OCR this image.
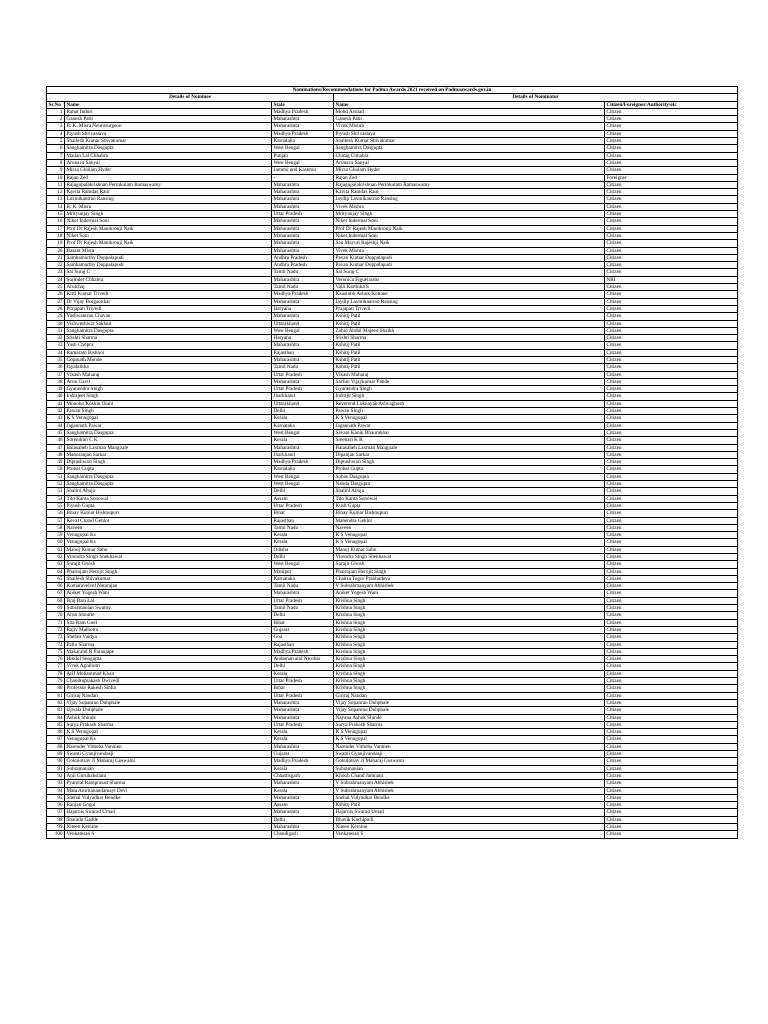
Nominations/Recommendations for Padma Awards 2021 received on Padmaawards.gov.in				
Details of Nominee			Details of Nominator	
Sr.No	Name	State	Name	Citizen/Foreigner/Authority/etc
1	Rahat Indori	Madhya Pradesh	Mohd Arshad	Citizen
2	Ganesh Patil	Maharashtra	Ganesh Patil	Citizen
3	B. K. Misra Neurosurgeon	Maharashtra	Vivek Mishra	Citizen
4	Piyush Shrivastava	Madhya Pradesh	Piyush Shrivastava	Citizen
5	Shailesh Kumar Shivakumar	Karnataka	Shailesh Kumar Shivakumar	Citizen
6	Sanghamitra Dasgupta	West Bengal	Sanghamitra Dasgupta	Citizen
7	Madan Lal Chhabra	Punjab	Chirag Chhabra	Citizen
8	Arunava Sanyal	West Bengal	Arunava Sanyal	Citizen
9	Mirza Ghulam Hyder	Jammu and Kashmir	Mirza Ghulam Hyder	Citizen
10	Rajan Zed	-	Rajan Zed	Foreigner
11	Rajagopalakrishnan Perinkulam Ramaswamy	Maharashtra	Rajagopalakrishnan Perinkulam Ramaswamy	Citizen
12	Kavita Ramdas Raut	Maharashtra	Kavita Ramdas Raut	Citizen
13	Laxmikantrao Ransing	Maharashtra	Jaydip Laxmikantrao Ransing	Citizen
14	B. K. Misra	Maharashtra	Vivek Mishra	Citizen
15	Mrityunjay Singh	Uttar Pradesh	Mrityunjay Singh	Citizen
16	Niket Indermal Soni	Maharashtra	Niket Indermal Soni	Citizen
17	Prof Dr Rajesh Manikrouji Naik	Maharashtra	Prof Dr Rajesh Manikrouji Naik	Citizen
18	Niket Soni	Maharashtra	Niket Indermal Soni	Citizen
19	Prof Dr Rajesh Manikrouji Naik	Maharashtra	Sau Mayuri Rajeshji Naik	Citizen
20	Basant Misra	Maharashtra	Vivek Mishra	Citizen
21	Sambamurthy Doppalapudi	Andhra Pradesh	Pavan Kumar Doppalapudi	Citizen
22	Sambamurthy Doppalapudi	Andhra Pradesh	Pavan Kumar Doppalapudi	Citizen
23	Sai Suraj C	Tamil Nadu	Sai Suraj C	Citizen
24	Surinder Chhabra	Maharashtra	Veronica Figueiraido	NRI
25	Arulchaj	Tamil Nadu	Valli Karthika S	Citizen
26	Kirti Kumar Trivedi	Madhya Pradesh	Kaustubh Ashok Kottane	Citizen
27	Dr Vijay Borgaonkar	Maharashtra	Jaydip Laxmikantrao Ransing	Citizen
28	Prajapati Trivedi	Haryana	Prajapati Trivedi	Citizen
29	Yashwantrao Chavan	Maharashtra	Kshitij Patil	Citizen
30	Vishweshwar Saklani	Uttarakhand	Kshitij Patil	Citizen
31	Sanghamitra Dasgupta	West Bengal	Zahid Abdul Majeed Shaikh	Citizen
32	Srishti Sharma	Haryana	Srishti Sharma	Citizen
33	Yash Chopra	Maharashtra	Kshitij Patil	Citizen
34	Ramaram Bishnoi	Rajasthan	Kshitij Patil	Citizen
35	Gopinath Munde	Maharashtra	Kshitij Patil	Citizen
36	Jayalalitha	Tamil Nadu	Kshitij Patil	Citizen
37	Vikash Maharaj	Uttar Pradesh	Vikash Maharaj	Citizen
38	Arun Gavil	Maharashtra	Sachin Vijaykumar Pande	Citizen
39	Gyanendra Singh	Uttar Pradesh	Gyanendra Singh	Citizen
40	Indrajeet Singh	Jharkhand	Indrajit Singh	Citizen
41	Monoho Koshin Otani	Uttarakhand	Reverend Loknayak Ashvaghosh	Citizen
42	Pawan Singh	Delhi	Pawan Singh	Citizen
43	K S Venugopal	Kerala	K S Venugopal	Citizen
44	Jagannath Pawar	Karnataka	Jagannath Pawar	Citizen
45	Sanghamitra Dasgupta	West Bengal	Savani Kanik Bhaurahhai	Citizen
46	Surendran C K	Kerala	Sreehari K R	Citizen
47	Balasaheb Laxman Mangoale	Maharashtra	Balasaheb Laxman Mangoale	Citizen
48	Manoranjan Sarkar	Jharkhand	Dipanjan Sarkar	Citizen
49	Diptashwari Singh	Madhya Pradesh	Diptashwari Singh	Citizen
50	Probal Gupta	Karnataka	Probal Gupta	Citizen
51	Sanghamitra Dasgupta	West Bengal	Suhas Dasgupta	Citizen
52	Sanghamitra Dasgupta	West Bengal	Nanda Dasgupta	Citizen
53	Shalini Ahuja	Delhi	Shalini Ahuja	Citizen
54	Tilo Kanta Sonowal	Assam	Tilo Kanta Sonowal	Citizen
55	Piyush Gupta	Uttar Pradesh	Kush Gupta	Citizen
56	Binay Kumar Bishnupuri	Bihar	Binay Kumar Bishnupuri	Citizen
57	Keval Chand Gehlot	Rajasthan	Mahendra Gehlot	Citizen
58	Naveen	Tamil Nadu	Naveen	Citizen
59	Venugopal Ks	Kerala	K S Venugopal	Citizen
60	Venugopal Ks	Kerala	K S Venugopal	Citizen
61	Manoj Kumar Sahu	Odisha	Manoj Kumar Sahu	Citizen
62	Virendra Singh Shekhawat	Delhi	Virendra Singh Shekhawat	Citizen
63	Surajit Ghosh	West Bengal	Surajit Ghosh	Citizen
64	Phairojam Herojit Singh	Manipur	Phairojam Herojit Singh	Citizen
65	Shailesh Shivakumar	Karnataka	Chaitra Togur Prabhudeva	Citizen
66	Kumaravelvel Natarajan	Tamil Nadu	V Subrahmanyam Abhishek	Citizen
67	Aniket Yogesh Wani	Maharashtra	Aniket Yogesh Wani	Citizen
68	Braj Basi Lal	Uttar Pradesh	Krishna Singh	Citizen
69	Subramanian Swamy	Tamil Nadu	Krishna Singh	Citizen
70	Arun Shourie	Delhi	Krishna Singh	Citizen
71	Sita Ram Goel	Bihar	Krishna Singh	Citizen
72	Rajiv Malhotra	Gujarat	Krishna Singh	Citizen
73	Shefali Vaidya	Goa	Krishna Singh	Citizen
74	Pallo Sharma	Rajasthan	Krishna Singh	Citizen
75	Makarand R Paranjape	Madhya Pradesh	Krishna Singh	Citizen
76	Hindol Sengupta	Andaman and Nicobar	Krishna Singh	Citizen
77	Vivek Agnihotri	Delhi	Krishna Singh	Citizen
78	Arif Mohammad Khan	Kerala	Krishna Singh	Citizen
79	Chandraprakash Dwivedi	Uttar Pradesh	Krishna Singh	Citizen
80	Professor Rakesh Sinha	Bihar	Krishna Singh	Citizen
81	Giriraj Nandan	Uttar Pradesh	Giriraj Nandan	Citizen
82	Vijay Sopanrao Duhphale	Maharashtra	Vijay Sopanrao Duhphale	Citizen
83	Ujwala Duhphale	Maharashtra	Vijay Sopanrao Duhphale	Citizen
84	Ashok Shinde	Maharashtra	Nayana Ashok Shinde	Citizen
85	Surya Prakash Sharma	Uttar Pradesh	Surya Prakash Sharma	Citizen
86	K S Venugopal	Kerala	K S Venugopal	Citizen
87	Venugopal Ks	Kerala	K S Venugopal	Citizen
88	Narender Vithoba Vanmen	Maharashtra	Narender Vithoba Vanmen	Citizen
89	Swami Gyanjivandasji	Gujarat	Swami Gyanjivandasji	Citizen
90	Gokulotsav Ji Maharaj Goswami	Madhya Pradesh	Gokulotsav Ji Maharaj Goswami	Citizen
91	Subramanian	Kerala	Subramanian	Citizen
92	Anil Gurubakshani	Chhattisgarh	Khoob Chand Jamnani	Citizen
93	Pyarelal Ramprasad Sharma	Maharashtra	V Subrahmanyam Abhishek	Citizen
94	Mata Amritanandamayi Devi	Kerala	V Subrahmanyam Abhishek	Citizen
95	Snehal Vidyadhar Bendke	Maharashtra	Snehal Vidyadhar Bendke	Citizen
96	Ranjan Gogoi	Assam	Kshitij Patil	Citizen
97	Hajarnis Swarad Umad	Maharashtra	Hajarnis Swarad Umad	Citizen
98	Sharada Gadde	Delhi	Bhavik Kachipudi	Citizen
99	Niteen Kerrane	Maharashtra	Niteen Kerrane	Citizen
100	Venkatesan S	Chandigarh	Venkatesan S	Citizen
